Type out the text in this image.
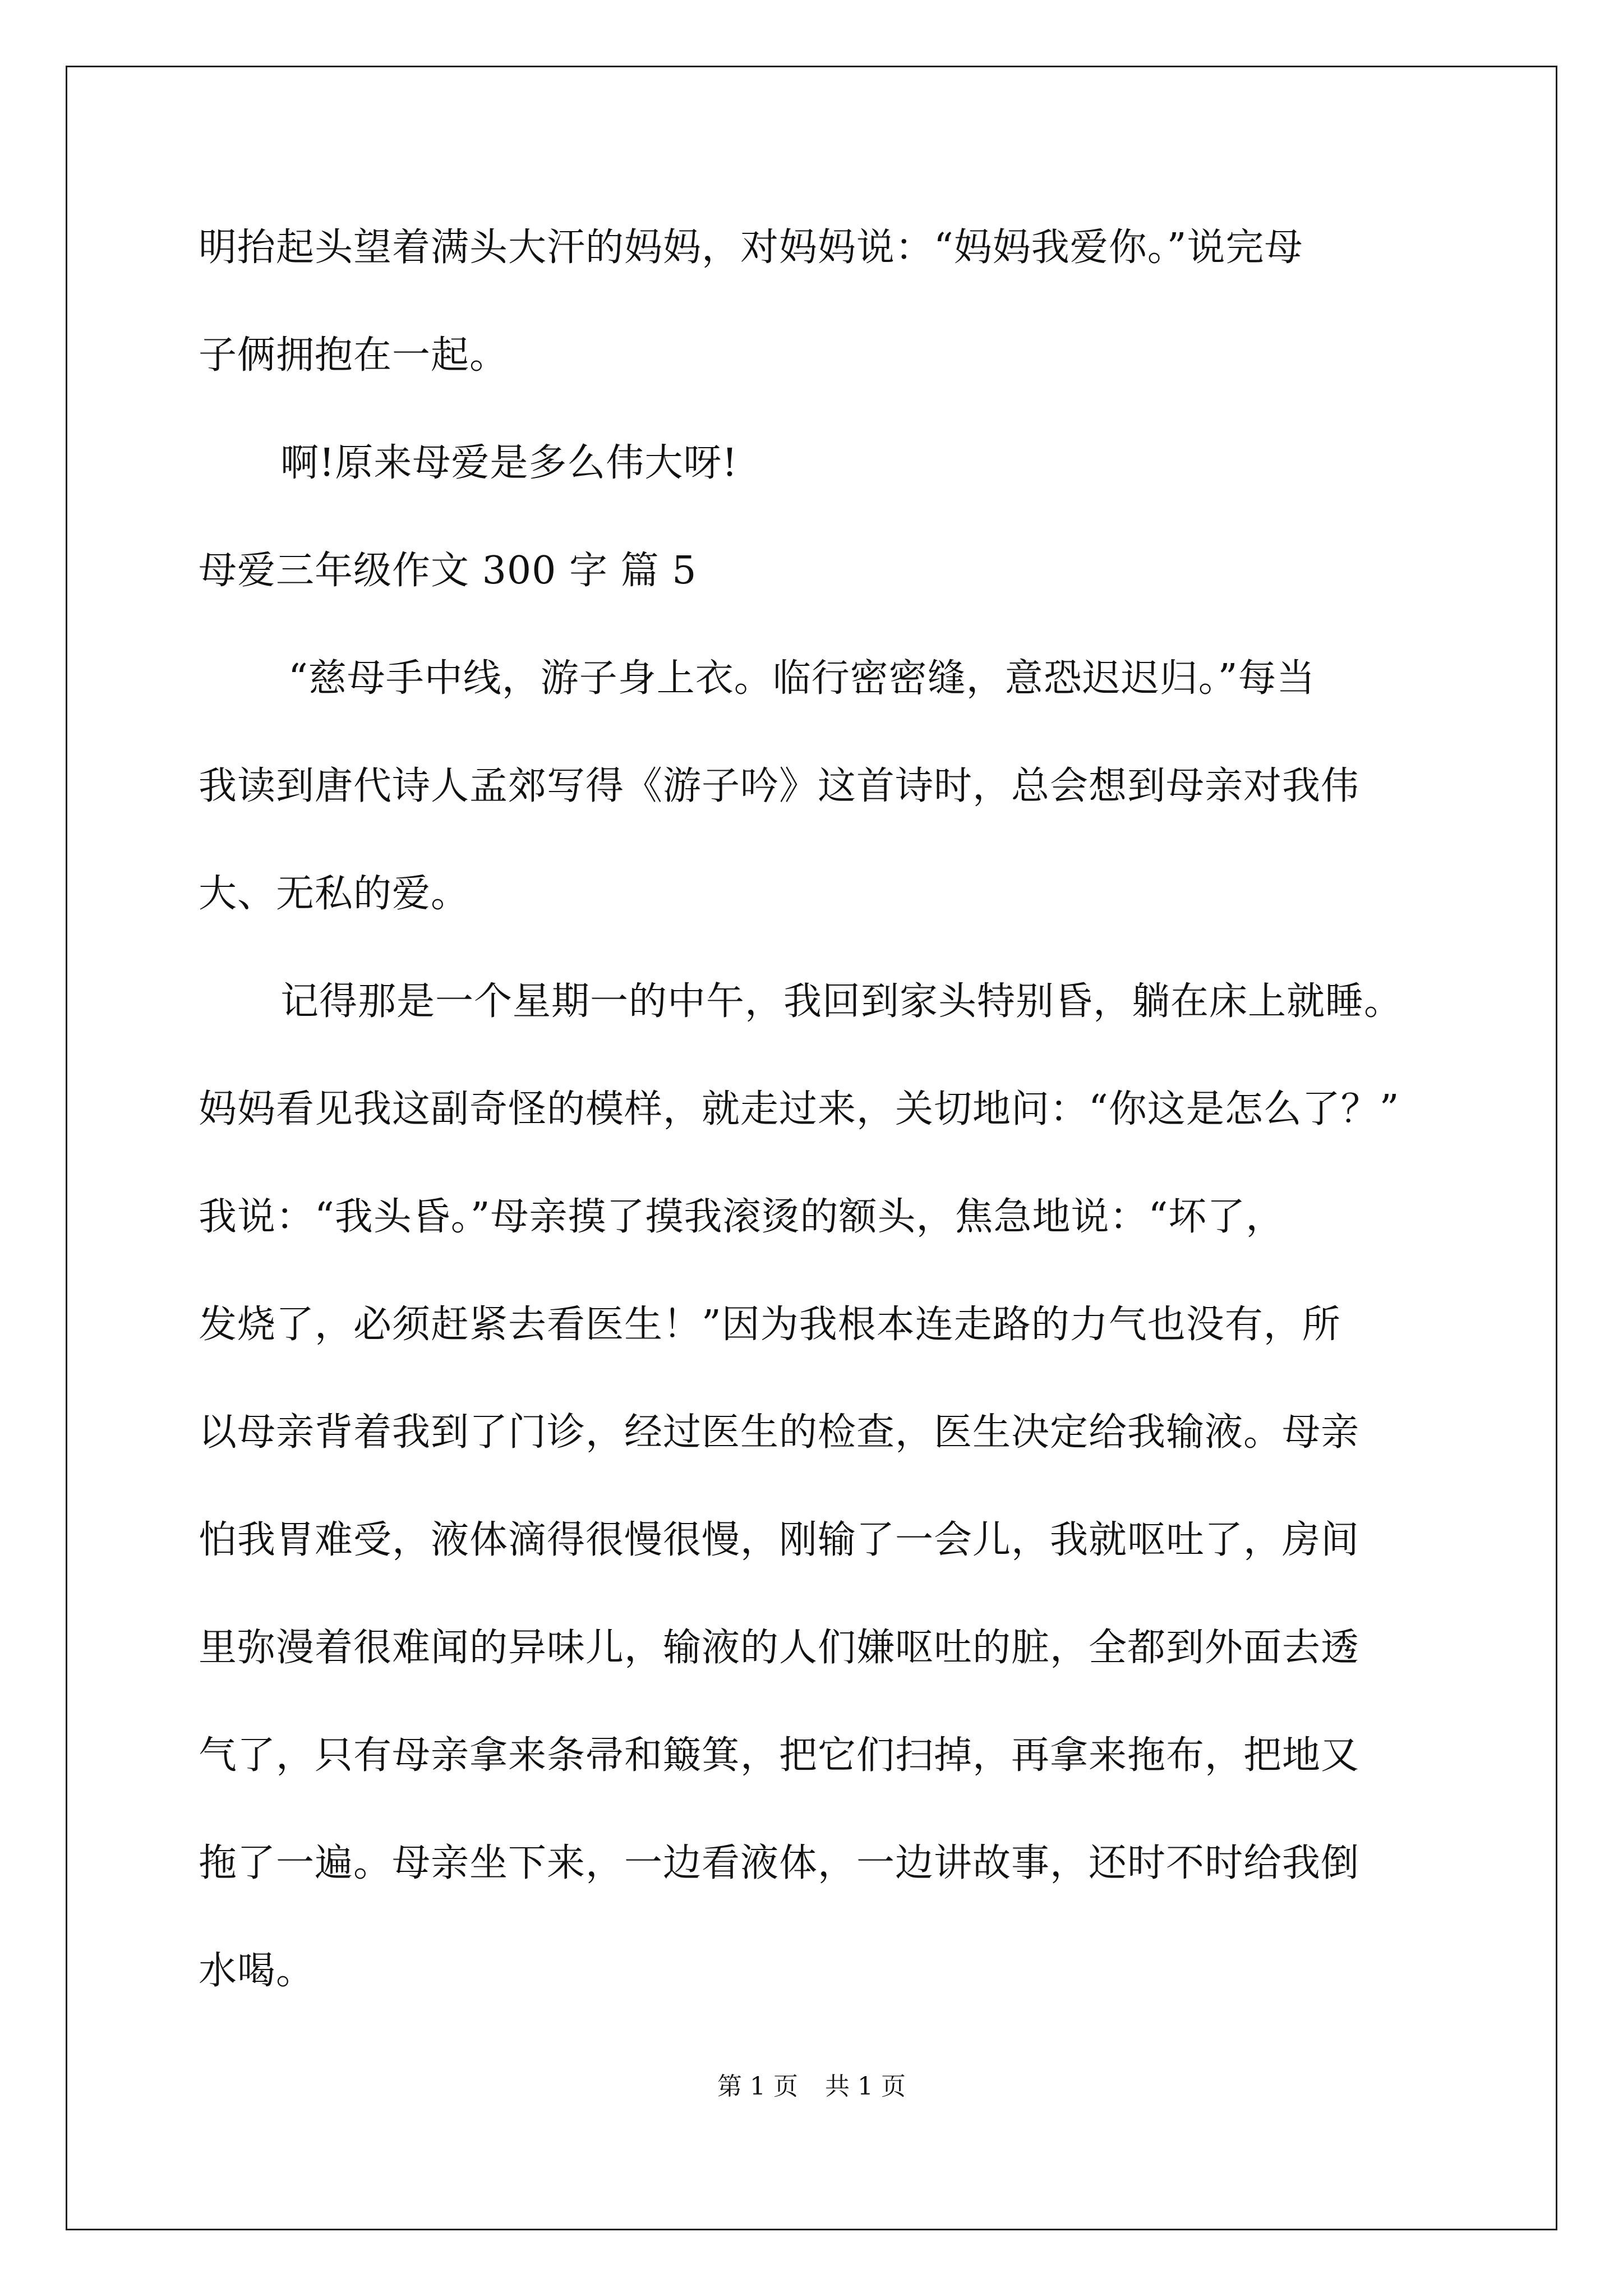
明抬起头望着满头大汗的妈妈，对妈妈说：“妈妈我爱你。”说完母
子俩拥抱在一起。
啊!原来母爱是多么伟大呀!
母爱三年级作文 300 字 篇 5
“慈母手中线，游子身上衣。临行密密缝，意恐迟迟归。”每当
我读到唐代诗人孟郊写得《游子吟》这首诗时，总会想到母亲对我伟
大、无私的爱。
记得那是一个星期一的中午，我回到家头特别昏，躺在床上就睡。
妈妈看见我这副奇怪的模样，就走过来，关切地问：“你这是怎么了？”
我说：“我头昏。”母亲摸了摸我滚烫的额头，焦急地说：“坏了，
发烧了，必须赶紧去看医生！”因为我根本连走路的力气也没有，所
以母亲背着我到了门诊，经过医生的检查，医生决定给我输液。母亲
怕我胃难受，液体滴得很慢很慢，刚输了一会儿，我就呕吐了，房间
里弥漫着很难闻的异味儿，输液的人们嫌呕吐的脏，全都到外面去透
气了，只有母亲拿来条帚和簸箕，把它们扫掉，再拿来拖布，把地又
拖了一遍。母亲坐下来，一边看液体，一边讲故事，还时不时给我倒
水喝。
第 1 页 共 1 页
